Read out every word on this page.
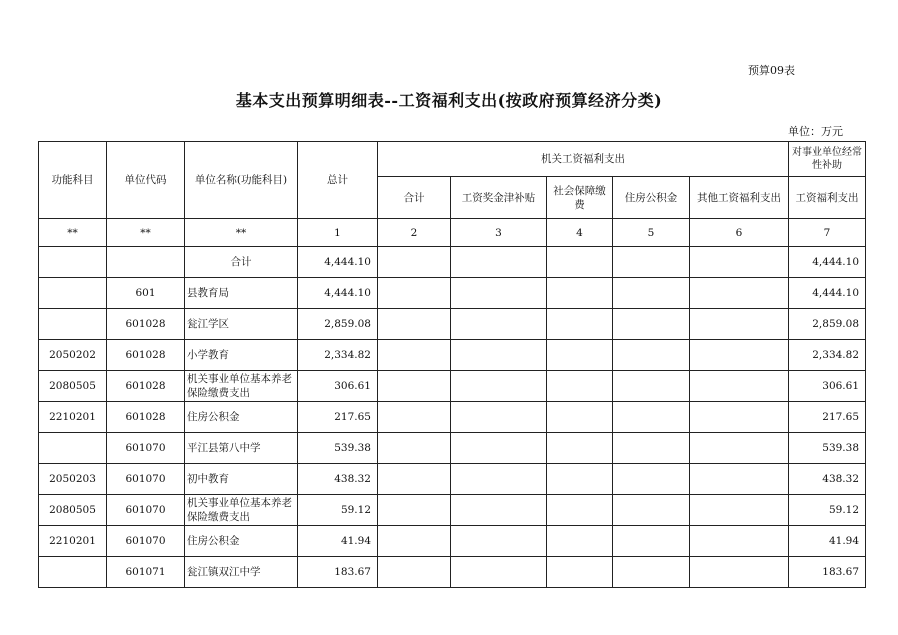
预算09表
基本支出预算明细表--工资福利支出(按政府预算经济分类)
单位：万元
功能科目	单位代码	单位名称(功能科目)	总计	机关工资福利支出					对事业单位经常性补助
				合计	工资奖金津补贴	社会保障缴费	住房公积金	其他工资福利支出	工资福利支出
**	**	**	1	2	3	4	5	6	7
		合计	4,444.10						4,444.10
	601	县教育局	4,444.10						4,444.10
	601028	瓮江学区	2,859.08						2,859.08
2050202	601028	小学教育	2,334.82						2,334.82
2080505	601028	机关事业单位基本养老保险缴费支出	306.61						306.61
2210201	601028	住房公积金	217.65						217.65
	601070	平江县第八中学	539.38						539.38
2050203	601070	初中教育	438.32						438.32
2080505	601070	机关事业单位基本养老保险缴费支出	59.12						59.12
2210201	601070	住房公积金	41.94						41.94
	601071	瓮江镇双江中学	183.67						183.67
